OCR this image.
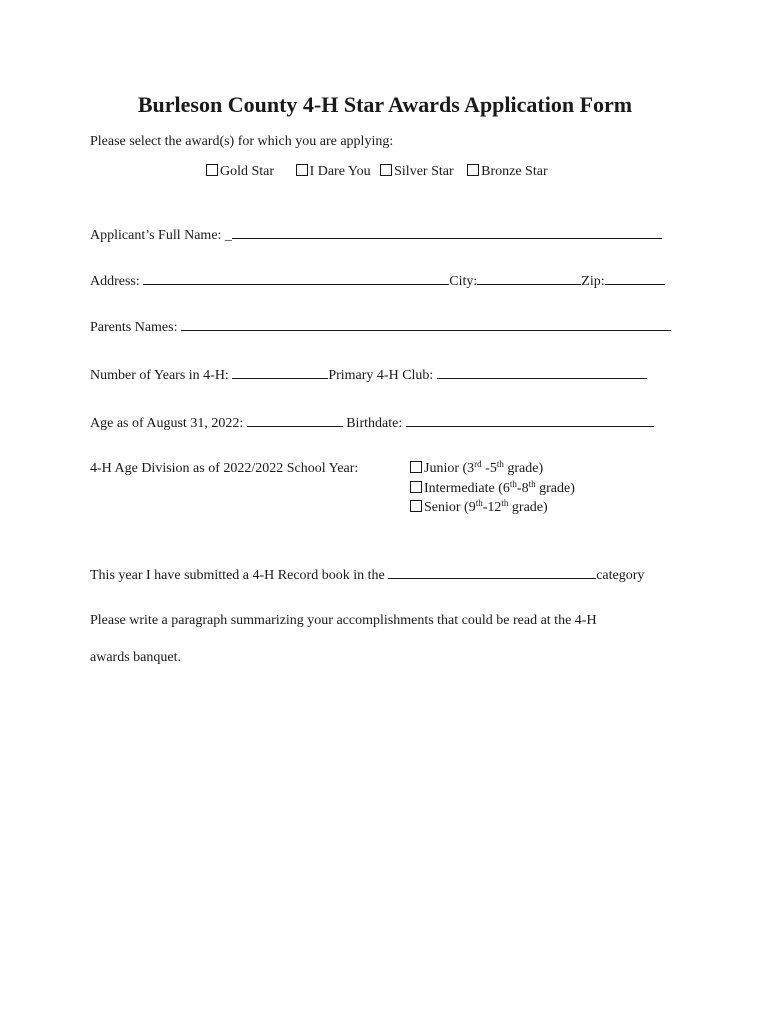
Burleson County 4-H Star Awards Application Form
Please select the award(s) for which you are applying:
Gold Star	I Dare You Silver Star Bronze Star
Applicant’s Full Name: _
Address:	City:	Zip:
Parents Names:
Number of Years in 4-H:	Primary 4-H Club:
Age as of August 31, 2022:	Birthdate:
4-H Age Division as of 2022/2022 School Year:	Junior (3rd -5th grade)
Intermediate (6th-8th grade)
Senior (9th-12th grade)
This year I have submitted a 4-H Record book in the	category
Please write a paragraph summarizing your accomplishments that could be read at the 4-H
awards banquet.
